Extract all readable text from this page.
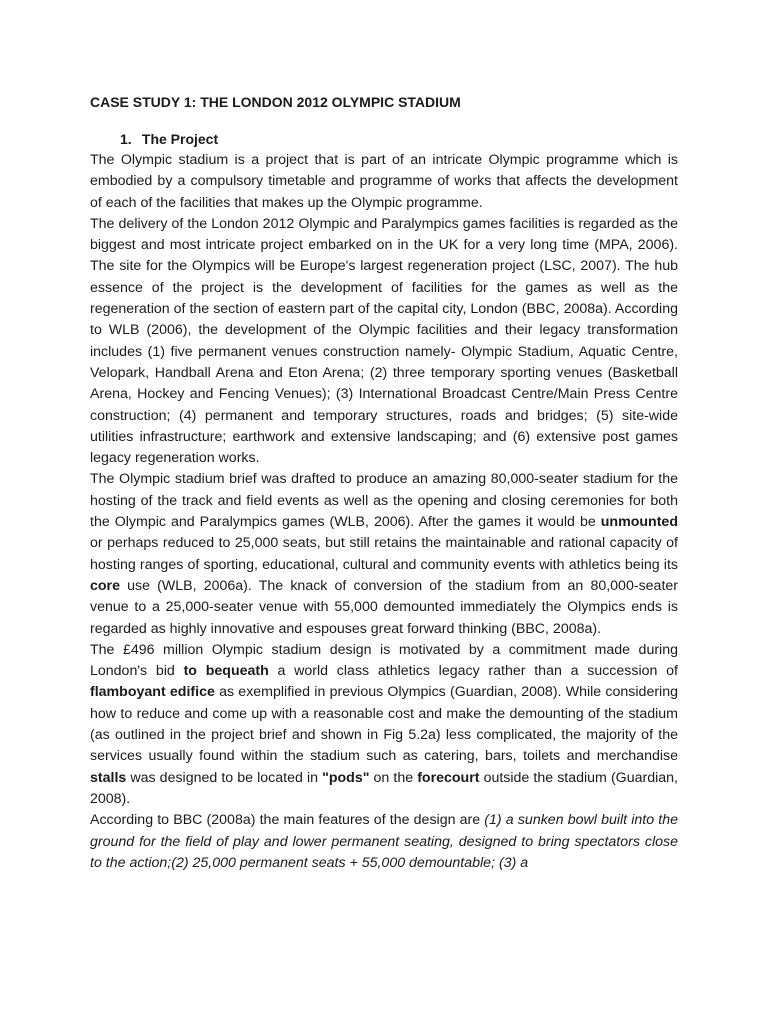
CASE STUDY 1: THE LONDON 2012 OLYMPIC STADIUM
1. The Project

The Olympic stadium is a project that is part of an intricate Olympic programme which is embodied by a compulsory timetable and programme of works that affects the development of each of the facilities that makes up the Olympic programme.

The delivery of the London 2012 Olympic and Paralympics games facilities is regarded as the biggest and most intricate project embarked on in the UK for a very long time (MPA, 2006). The site for the Olympics will be Europe's largest regeneration project (LSC, 2007). The hub essence of the project is the development of facilities for the games as well as the regeneration of the section of eastern part of the capital city, London (BBC, 2008a). According to WLB (2006), the development of the Olympic facilities and their legacy transformation includes (1) five permanent venues construction namely- Olympic Stadium, Aquatic Centre, Velopark, Handball Arena and Eton Arena; (2) three temporary sporting venues (Basketball Arena, Hockey and Fencing Venues); (3) International Broadcast Centre/Main Press Centre construction; (4) permanent and temporary structures, roads and bridges; (5) site-wide utilities infrastructure; earthwork and extensive landscaping; and (6) extensive post games legacy regeneration works.

The Olympic stadium brief was drafted to produce an amazing 80,000-seater stadium for the hosting of the track and field events as well as the opening and closing ceremonies for both the Olympic and Paralympics games (WLB, 2006). After the games it would be unmounted or perhaps reduced to 25,000 seats, but still retains the maintainable and rational capacity of hosting ranges of sporting, educational, cultural and community events with athletics being its core use (WLB, 2006a). The knack of conversion of the stadium from an 80,000-seater venue to a 25,000-seater venue with 55,000 demounted immediately the Olympics ends is regarded as highly innovative and espouses great forward thinking (BBC, 2008a).

The £496 million Olympic stadium design is motivated by a commitment made during London's bid to bequeath a world class athletics legacy rather than a succession of flamboyant edifice as exemplified in previous Olympics (Guardian, 2008). While considering how to reduce and come up with a reasonable cost and make the demounting of the stadium (as outlined in the project brief and shown in Fig 5.2a) less complicated, the majority of the services usually found within the stadium such as catering, bars, toilets and merchandise stalls was designed to be located in "pods" on the forecourt outside the stadium (Guardian, 2008).

According to BBC (2008a) the main features of the design are (1) a sunken bowl built into the ground for the field of play and lower permanent seating, designed to bring spectators close to the action;(2) 25,000 permanent seats + 55,000 demountable; (3) a
